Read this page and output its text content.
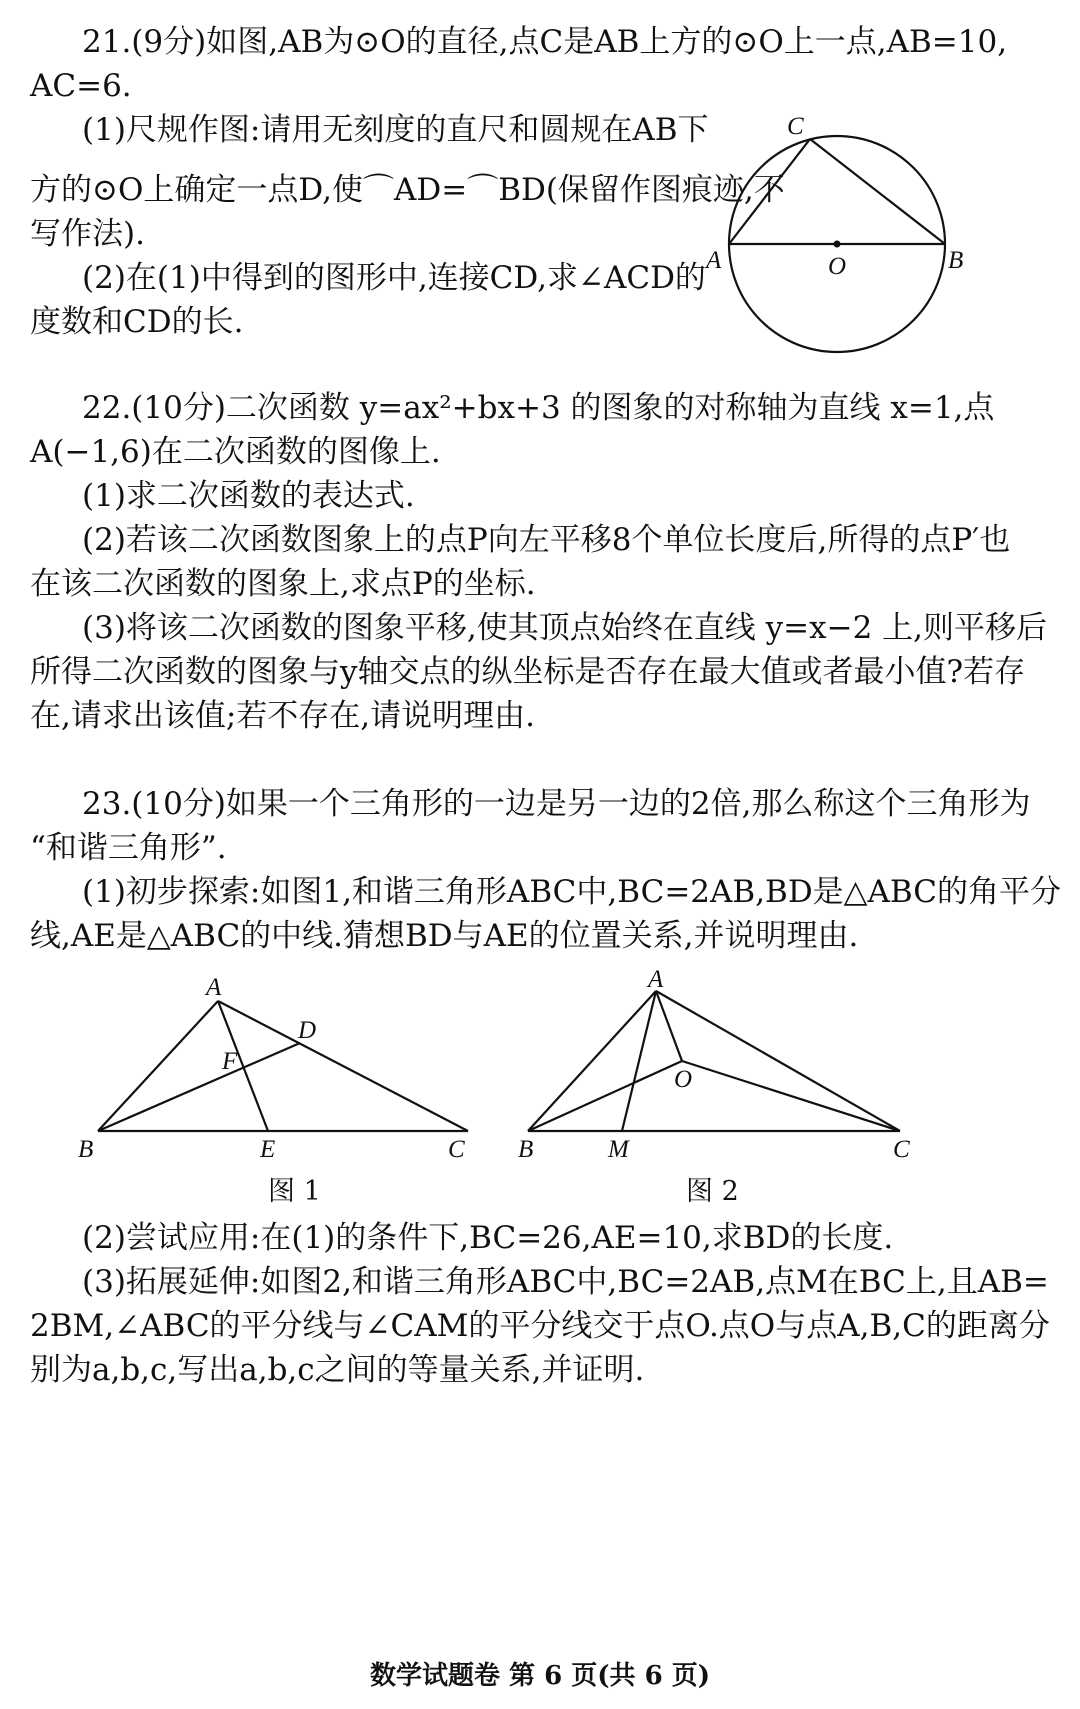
21.(9分)如图,AB为⊙O的直径,点C是AB上方的⊙O上一点,AB=10,
AC=6.
(1)尺规作图:请用无刻度的直尺和圆规在AB下
方的⊙O上确定一点D,使⌒AD=⌒BD(保留作图痕迹,不
写作法).
(2)在(1)中得到的图形中,连接CD,求∠ACD的
度数和CD的长.
C
A	B
O
22.(10分)二次函数 y=ax²+bx+3 的图象的对称轴为直线 x=1,点
A(−1,6)在二次函数的图像上.
(1)求二次函数的表达式.
(2)若该二次函数图象上的点P向左平移8个单位长度后,所得的点P′也
在该二次函数的图象上,求点P的坐标.
(3)将该二次函数的图象平移,使其顶点始终在直线 y=x−2 上,则平移后
所得二次函数的图象与y轴交点的纵坐标是否存在最大值或者最小值?若存
在,请求出该值;若不存在,请说明理由.
23.(10分)如果一个三角形的一边是另一边的2倍,那么称这个三角形为
“和谐三角形”.
(1)初步探索:如图1,和谐三角形ABC中,BC=2AB,BD是△ABC的角平分
线,AE是△ABC的中线.猜想BD与AE的位置关系,并说明理由.
A
B	C
D
E
F
A
B	C
M
O
图 1	图 2
(2)尝试应用:在(1)的条件下,BC=26,AE=10,求BD的长度.
(3)拓展延伸:如图2,和谐三角形ABC中,BC=2AB,点M在BC上,且AB=
2BM,∠ABC的平分线与∠CAM的平分线交于点O.点O与点A,B,C的距离分
别为a,b,c,写出a,b,c之间的等量关系,并证明.
数学试题卷 第 6 页(共 6 页)
